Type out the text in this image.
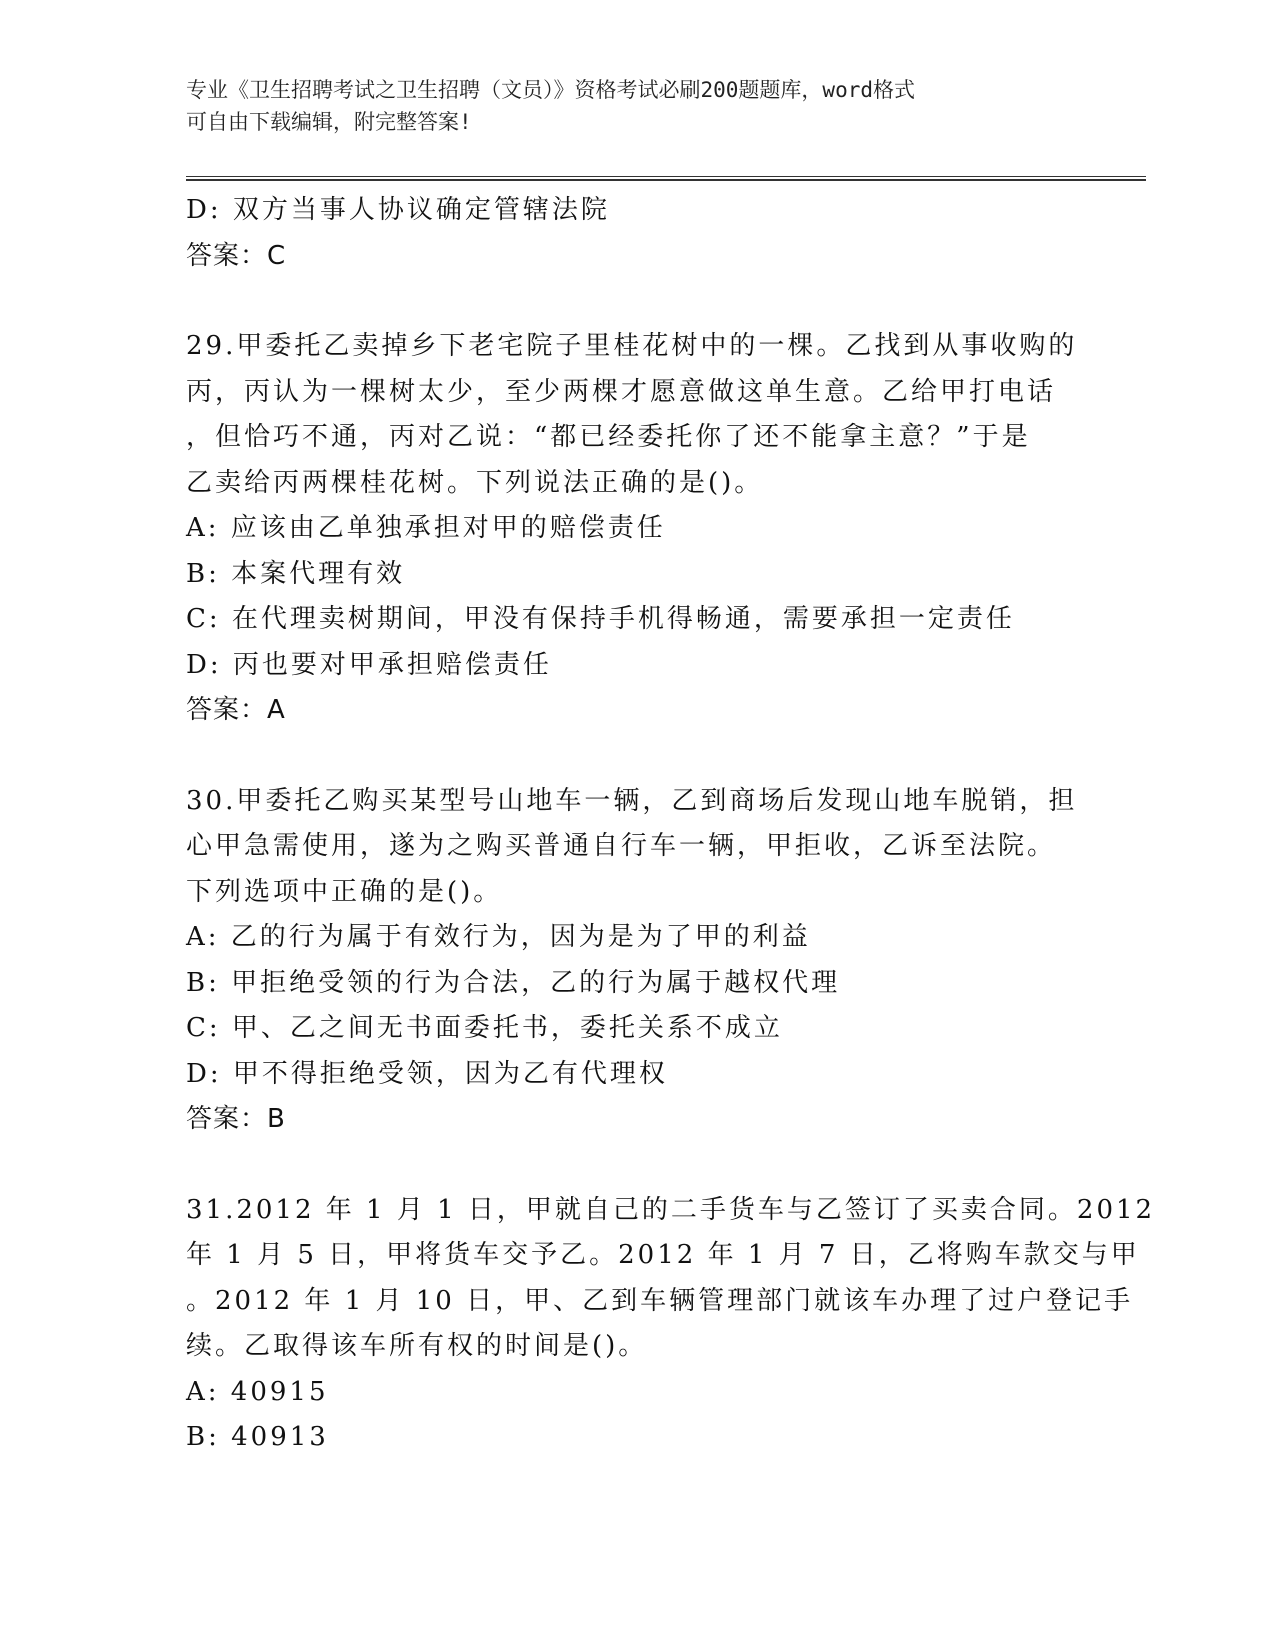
专业《卫生招聘考试之卫生招聘（文员）》资格考试必刷200题题库，word格式
可自由下载编辑，附完整答案!
D: 双方当事人协议确定管辖法院
答案：C
29.甲委托乙卖掉乡下老宅院子里桂花树中的一棵。乙找到从事收购的
丙，丙认为一棵树太少，至少两棵才愿意做这单生意。乙给甲打电话
，但恰巧不通，丙对乙说：“都已经委托你了还不能拿主意？”于是
乙卖给丙两棵桂花树。下列说法正确的是()。
A: 应该由乙单独承担对甲的赔偿责任
B: 本案代理有效
C: 在代理卖树期间，甲没有保持手机得畅通，需要承担一定责任
D: 丙也要对甲承担赔偿责任
答案：A
30.甲委托乙购买某型号山地车一辆，乙到商场后发现山地车脱销，担
心甲急需使用，遂为之购买普通自行车一辆，甲拒收，乙诉至法院。
下列选项中正确的是()。
A: 乙的行为属于有效行为，因为是为了甲的利益
B: 甲拒绝受领的行为合法，乙的行为属于越权代理
C: 甲、乙之间无书面委托书，委托关系不成立
D: 甲不得拒绝受领，因为乙有代理权
答案：B
31.2012 年 1 月 1 日，甲就自己的二手货车与乙签订了买卖合同。2012
年 1 月 5 日，甲将货车交予乙。2012 年 1 月 7 日，乙将购车款交与甲
。2012 年 1 月 10 日，甲、乙到车辆管理部门就该车办理了过户登记手
续。乙取得该车所有权的时间是()。
A: 40915
B: 40913
